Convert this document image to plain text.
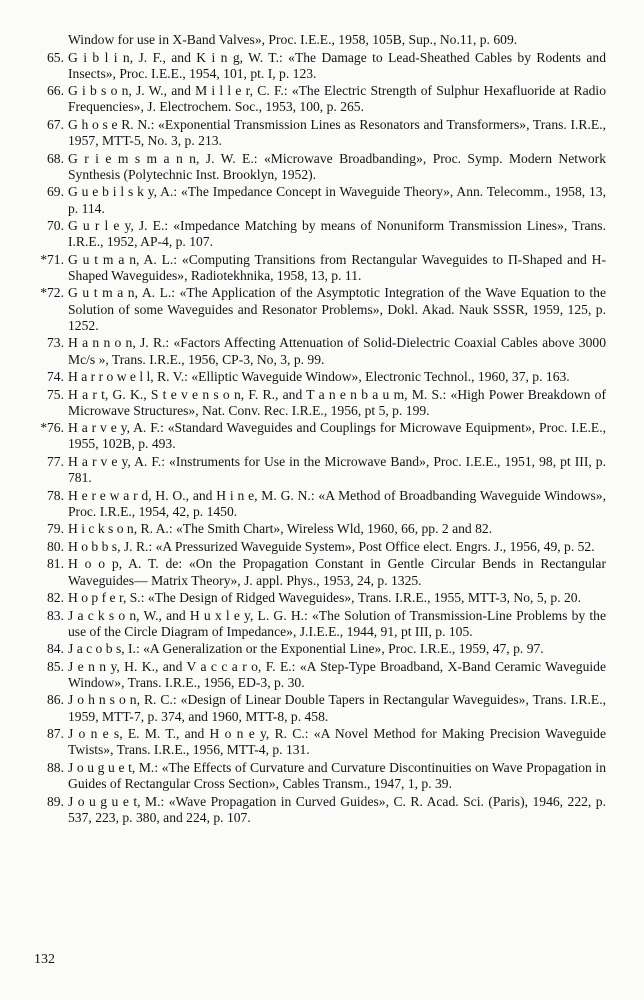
Window for use in X-Band Valves», Proc. I.E.E., 1958, 105B, Sup., No.11, p. 609.
65. G i b l i n, J. F., and K i n g, W. T.: «The Damage to Lead-Sheathed Cables by Rodents and Insects», Proc. I.E.E., 1954, 101, pt. I, p. 123.
66. G i b s o n, J. W., and M i l l e r, C. F.: «The Electric Strength of Sulphur Hexafluoride at Radio Frequencies», J. Electrochem. Soc., 1953, 100, p. 265.
67. G h o s e R. N.: «Exponential Transmission Lines as Resonators and Transformers», Trans. I.R.E., 1957, MTT-5, No. 3, p. 213.
68. G r i e m s m a n n, J. W. E.: «Microwave Broadbanding», Proc. Symp. Modern Network Synthesis (Polytechnic Inst. Brooklyn, 1952).
69. G u e b i l s k y, A.: «The Impedance Concept in Waveguide Theory», Ann. Telecomm., 1958, 13, p. 114.
70. G u r l e y, J. E.: «Impedance Matching by means of Nonuniform Transmission Lines», Trans. I.R.E., 1952, AP-4, p. 107.
*71. G u t m a n, A. L.: «Computing Transitions from Rectangular Waveguides to П-Shaped and H-Shaped Waveguides», Radiotekhnika, 1958, 13, p. 11.
*72. G u t m a n, A. L.: «The Application of the Asymptotic Integration of the Wave Equation to the Solution of some Waveguides and Resonator Problems», Dokl. Akad. Nauk SSSR, 1959, 125, p. 1252.
73. H a n n o n, J. R.: «Factors Affecting Attenuation of Solid-Dielectric Coaxial Cables above 3000 Mc/s », Trans. I.R.E., 1956, CP-3, No, 3, p. 99.
74. H a r r o w e l l, R. V.: «Elliptic Waveguide Window», Electronic Technol., 1960, 37, p. 163.
75. H a r t, G. K., S t e v e n s o n, F. R., and T a n e n b a u m, M. S.: «High Power Breakdown of Microwave Structures», Nat. Conv. Rec. I.R.E., 1956, pt 5, p. 199.
*76. H a r v e y, A. F.: «Standard Waveguides and Couplings for Microwave Equipment», Proc. I.E.E., 1955, 102B, p. 493.
77. H a r v e y, A. F.: «Instruments for Use in the Microwave Band», Proc. I.E.E., 1951, 98, pt III, p. 781.
78. H e r e w a r d, H. O., and H i n e, M. G. N.: «A Method of Broadbanding Waveguide Windows», Proc. I.R.E., 1954, 42, p. 1450.
79. H i c k s o n, R. A.: «The Smith Chart», Wireless Wld, 1960, 66, pp. 2 and 82.
80. H o b b s, J. R.: «A Pressurized Waveguide System», Post Office elect. Engrs. J., 1956, 49, p. 52.
81. H o o p, A. T. de: «On the Propagation Constant in Gentle Circular Bends in Rectangular Waveguides— Matrix Theory», J. appl. Phys., 1953, 24, p. 1325.
82. H o p f e r, S.: «The Design of Ridged Waveguides», Trans. I.R.E., 1955, MTT-3, No, 5, p. 20.
83. J a c k s o n, W., and H u x l e y, L. G. H.: «The Solution of Transmission-Line Problems by the use of the Circle Diagram of Impedance», J.I.E.E., 1944, 91, pt III, p. 105.
84. J a c o b s, I.: «A Generalization or the Exponential Line», Proc. I.R.E., 1959, 47, p. 97.
85. J e n n y, H. K., and V a c c a r o, F. E.: «A Step-Type Broadband, X-Band Ceramic Waveguide Window», Trans. I.R.E., 1956, ED-3, p. 30.
86. J o h n s o n, R. C.: «Design of Linear Double Tapers in Rectangular Waveguides», Trans. I.R.E., 1959, MTT-7, p. 374, and 1960, MTT-8, p. 458.
87. J o n e s, E. M. T., and H o n e y, R. C.: «A Novel Method for Making Precision Waveguide Twists», Trans. I.R.E., 1956, MTT-4, p. 131.
88. J o u g u e t, M.: «The Effects of Curvature and Curvature Discontinuities on Wave Propagation in Guides of Rectangular Cross Section», Cables Transm., 1947, 1, p. 39.
89. J o u g u e t, M.: «Wave Propagation in Curved Guides», C. R. Acad. Sci. (Paris), 1946, 222, p. 537, 223, p. 380, and 224, p. 107.
132
